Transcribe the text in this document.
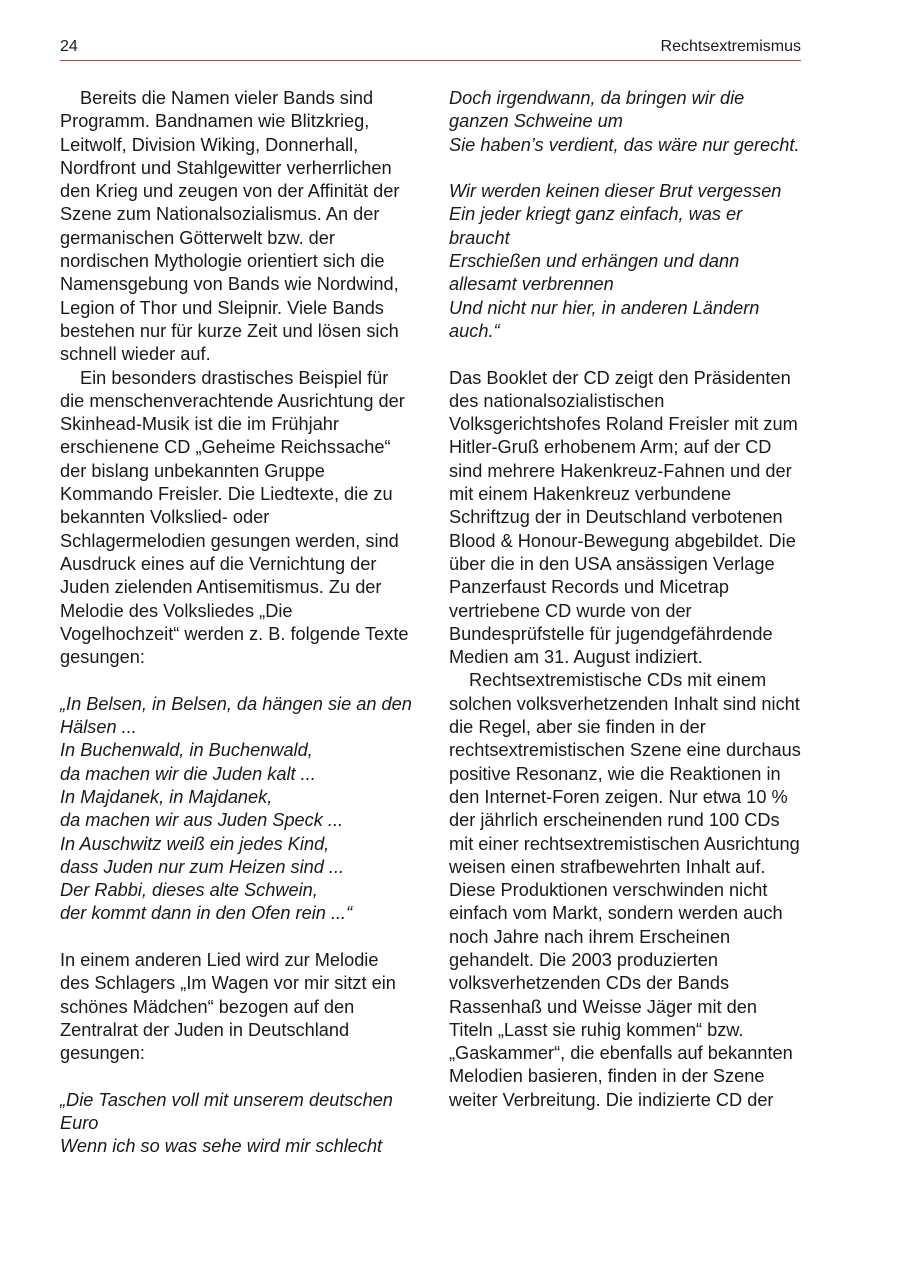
24	Rechtsextremismus

Bereits die Namen vieler Bands sind Programm. Bandnamen wie Blitzkrieg, Leitwolf, Division Wiking, Donnerhall, Nordfront und Stahlgewitter verherrlichen den Krieg und zeugen von der Affinität der Szene zum Nationalsozialismus. An der germanischen Götterwelt bzw. der nordischen Mythologie orientiert sich die Namensgebung von Bands wie Nordwind, Legion of Thor und Sleipnir. Viele Bands bestehen nur für kurze Zeit und lösen sich schnell wieder auf.

Ein besonders drastisches Beispiel für die menschenverachtende Ausrichtung der Skinhead-Musik ist die im Frühjahr erschienene CD „Geheime Reichssache“ der bislang unbekannten Gruppe Kommando Freisler. Die Liedtexte, die zu bekannten Volkslied- oder Schlagermelodien gesungen werden, sind Ausdruck eines auf die Vernichtung der Juden zielenden Antisemitismus. Zu der Melodie des Volksliedes „Die Vogelhochzeit“ werden z. B. folgende Texte gesungen:

„In Belsen, in Belsen, da hängen sie an den Hälsen ...
In Buchenwald, in Buchenwald,
da machen wir die Juden kalt ...
In Majdanek, in Majdanek,
da machen wir aus Juden Speck ...
In Auschwitz weiß ein jedes Kind,
dass Juden nur zum Heizen sind ...
Der Rabbi, dieses alte Schwein,
der kommt dann in den Ofen rein ...“

In einem anderen Lied wird zur Melodie des Schlagers „Im Wagen vor mir sitzt ein schönes Mädchen“ bezogen auf den Zentralrat der Juden in Deutschland gesungen:

„Die Taschen voll mit unserem deutschen Euro
Wenn ich so was sehe wird mir schlecht
Doch irgendwann, da bringen wir die ganzen Schweine um
Sie haben’s verdient, das wäre nur gerecht.
Wir werden keinen dieser Brut vergessen
Ein jeder kriegt ganz einfach, was er braucht
Erschießen und erhängen und dann allesamt verbrennen
Und nicht nur hier, in anderen Ländern auch.“

Das Booklet der CD zeigt den Präsidenten des nationalsozialistischen Volksgerichtshofes Roland Freisler mit zum Hitler-Gruß erhobenem Arm; auf der CD sind mehrere Hakenkreuz-Fahnen und der mit einem Hakenkreuz verbundene Schriftzug der in Deutschland verbotenen Blood & Honour-Bewegung abgebildet. Die über die in den USA ansässigen Verlage Panzerfaust Records und Micetrap vertriebene CD wurde von der Bundesprüfstelle für jugendgefährdende Medien am 31. August indiziert.

Rechtsextremistische CDs mit einem solchen volksverhetzenden Inhalt sind nicht die Regel, aber sie finden in der rechtsextremistischen Szene eine durchaus positive Resonanz, wie die Reaktionen in den Internet-Foren zeigen. Nur etwa 10 % der jährlich erscheinenden rund 100 CDs mit einer rechtsextremistischen Ausrichtung weisen einen strafbewehrten Inhalt auf. Diese Produktionen verschwinden nicht einfach vom Markt, sondern werden auch noch Jahre nach ihrem Erscheinen gehandelt. Die 2003 produzierten volksverhetzenden CDs der Bands Rassenhaß und Weisse Jäger mit den Titeln „Lasst sie ruhig kommen“ bzw. „Gaskammer“, die ebenfalls auf bekannten Melodien basieren, finden in der Szene weiter Verbreitung. Die indizierte CD der
